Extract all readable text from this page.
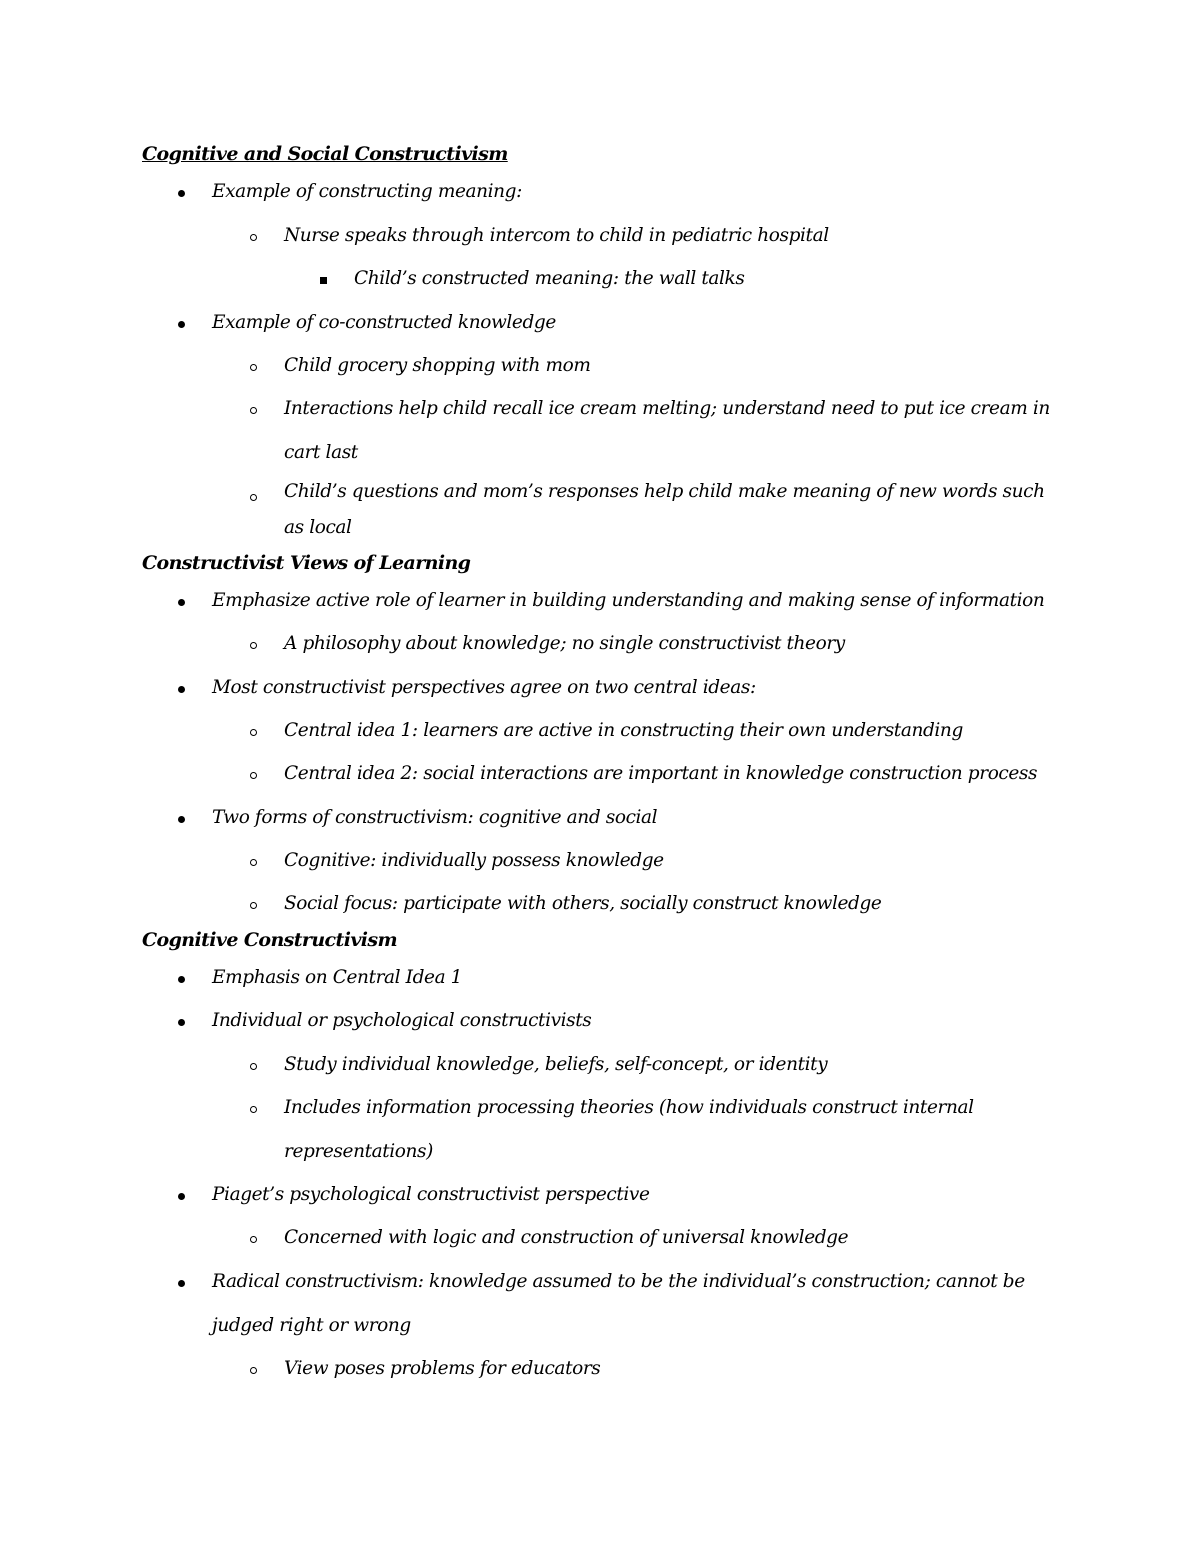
Cognitive and Social Constructivism
Example of constructing meaning:
Nurse speaks through intercom to child in pediatric hospital
Child’s constructed meaning: the wall talks
Example of co-constructed knowledge
Child grocery shopping with mom
Interactions help child recall ice cream melting; understand need to put ice cream in cart last
Child’s questions and mom’s responses help child make meaning of new words such as local
Constructivist Views of Learning
Emphasize active role of learner in building understanding and making sense of information
A philosophy about knowledge; no single constructivist theory
Most constructivist perspectives agree on two central ideas:
Central idea 1: learners are active in constructing their own understanding
Central idea 2: social interactions are important in knowledge construction process
Two forms of constructivism: cognitive and social
Cognitive: individually possess knowledge
Social focus: participate with others, socially construct knowledge
Cognitive Constructivism
Emphasis on Central Idea 1
Individual or psychological constructivists
Study individual knowledge, beliefs, self-concept, or identity
Includes information processing theories (how individuals construct internal representations)
Piaget’s psychological constructivist perspective
Concerned with logic and construction of universal knowledge
Radical constructivism: knowledge assumed to be the individual’s construction; cannot be judged right or wrong
View poses problems for educators
